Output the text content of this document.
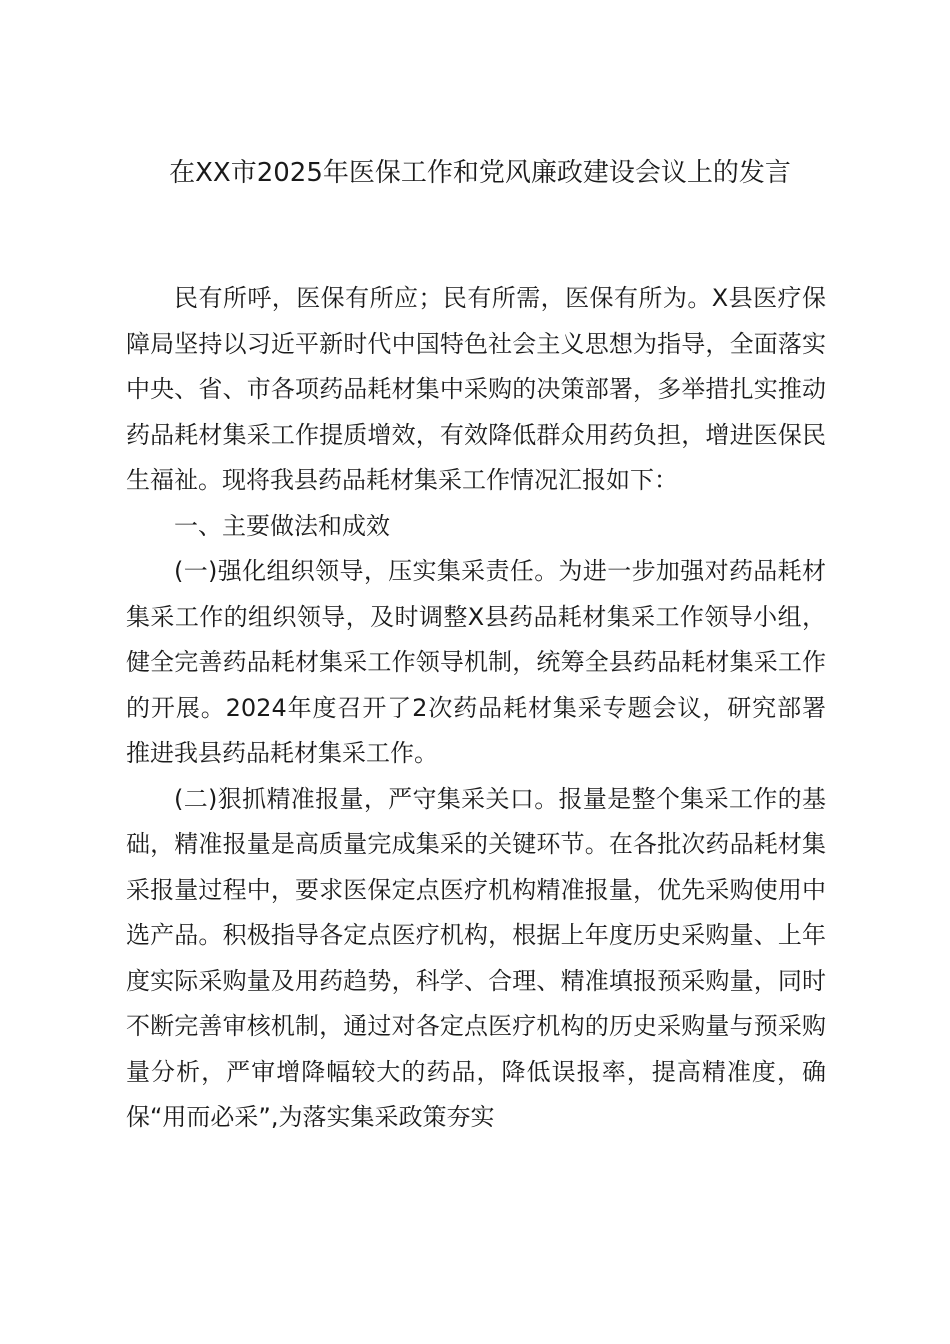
在XX市2025年医保工作和党风廉政建设会议上的发言

民有所呼，医保有所应；民有所需，医保有所为。X县医疗保障局坚持以习近平新时代中国特色社会主义思想为指导，全面落实中央、省、市各项药品耗材集中采购的决策部署，多举措扎实推动药品耗材集采工作提质增效，有效降低群众用药负担，增进医保民生福祉。现将我县药品耗材集采工作情况汇报如下：

一、主要做法和成效

(一)强化组织领导，压实集采责任。为进一步加强对药品耗材集采工作的组织领导，及时调整X县药品耗材集采工作领导小组，健全完善药品耗材集采工作领导机制，统筹全县药品耗材集采工作的开展。2024年度召开了2次药品耗材集采专题会议，研究部署推进我县药品耗材集采工作。

(二)狠抓精准报量，严守集采关口。报量是整个集采工作的基础，精准报量是高质量完成集采的关键环节。在各批次药品耗材集采报量过程中，要求医保定点医疗机构精准报量，优先采购使用中选产品。积极指导各定点医疗机构，根据上年度历史采购量、上年度实际采购量及用药趋势，科学、合理、精准填报预采购量，同时不断完善审核机制，通过对各定点医疗机构的历史采购量与预采购量分析，严审增降幅较大的药品，降低误报率，提高精准度，确保“用而必采”,为落实集采政策夯实
